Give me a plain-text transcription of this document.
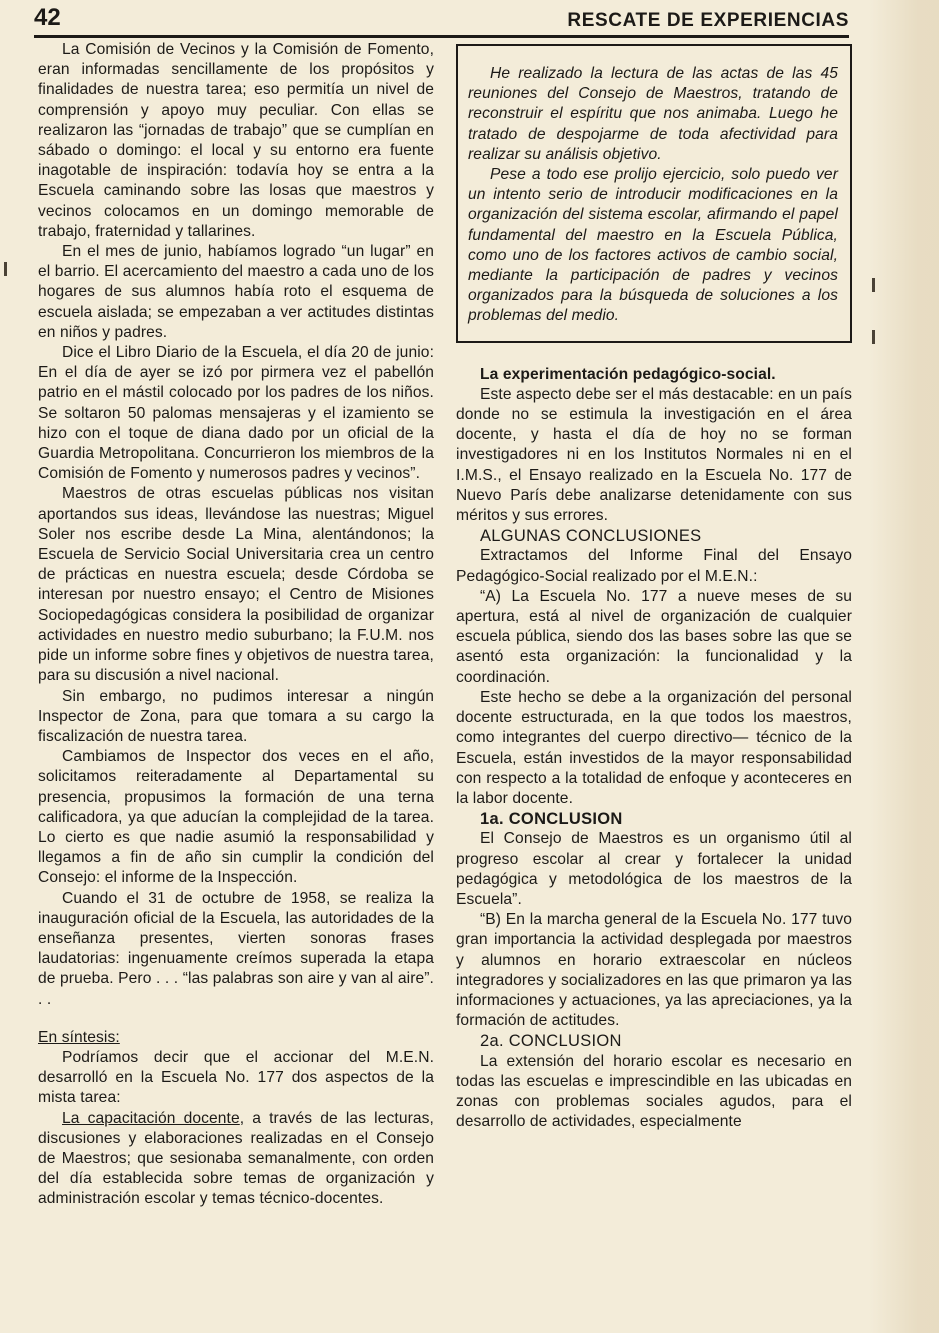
42	RESCATE DE EXPERIENCIAS

La Comisión de Vecinos y la Comisión de Fomento, eran informadas sencillamente de los propósitos y finalidades de nuestra tarea; eso permitía un nivel de comprensión y apoyo muy peculiar. Con ellas se realizaron las “jornadas de trabajo” que se cumplían en sábado o domingo: el local y su entorno era fuente inagotable de inspiración: todavía hoy se entra a la Escuela caminando sobre las losas que maestros y vecinos colocamos en un domingo memorable de trabajo, fraternidad y tallarines.

En el mes de junio, habíamos logrado “un lugar” en el barrio. El acercamiento del maestro a cada uno de los hogares de sus alumnos había roto el esquema de escuela aislada; se empezaban a ver actitudes distintas en niños y padres.

Dice el Libro Diario de la Escuela, el día 20 de junio: En el día de ayer se izó por pirmera vez el pabellón patrio en el mástil colocado por los padres de los niños. Se soltaron 50 palomas mensajeras y el izamiento se hizo con el toque de diana dado por un oficial de la Guardia Metropolitana. Concurrieron los miembros de la Comisión de Fomento y numerosos padres y vecinos”.

Maestros de otras escuelas públicas nos visitan aportandos sus ideas, llevándose las nuestras; Miguel Soler nos escribe desde La Mina, alentándonos; la Escuela de Servicio Social Universitaria crea un centro de prácticas en nuestra escuela; desde Córdoba se interesan por nuestro ensayo; el Centro de Misiones Sociopedagógicas considera la posibilidad de organizar actividades en nuestro medio suburbano; la F.U.M. nos pide un informe sobre fines y objetivos de nuestra tarea, para su discusión a nivel nacional.

Sin embargo, no pudimos interesar a ningún Inspector de Zona, para que tomara a su cargo la fiscalización de nuestra tarea.

Cambiamos de Inspector dos veces en el año, solicitamos reiteradamente al Departamental su presencia, propusimos la formación de una terna calificadora, ya que aducían la complejidad de la tarea. Lo cierto es que nadie asumió la responsabilidad y llegamos a fin de año sin cumplir la condición del Consejo: el informe de la Inspección.

Cuando el 31 de octubre de 1958, se realiza la inauguración oficial de la Escuela, las autoridades de la enseñanza presentes, vierten sonoras frases laudatorias: ingenuamente creímos superada la etapa de prueba. Pero . . . “las palabras son aire y van al aire”. . .

En síntesis:

Podríamos decir que el accionar del M.E.N. desarrolló en la Escuela No. 177 dos aspectos de la mista tarea:

La capacitación docente, a través de las lecturas, discusiones y elaboraciones realizadas en el Consejo de Maestros; que sesionaba semanalmente, con orden del día establecida sobre temas de organización y administración escolar y temas técnico-docentes.

He realizado la lectura de las actas de las 45 reuniones del Consejo de Maestros, tratando de reconstruir el espíritu que nos animaba. Luego he tratado de despojarme de toda afectividad para realizar su análisis objetivo.

Pese a todo ese prolijo ejercicio, solo puedo ver un intento serio de introducir modificaciones en la organización del sistema escolar, afirmando el papel fundamental del maestro en la Escuela Pública, como uno de los factores activos de cambio social, mediante la participación de padres y vecinos organizados para la búsqueda de soluciones a los problemas del medio.

La experimentación pedagógico-social.

Este aspecto debe ser el más destacable: en un país donde no se estimula la investigación en el área docente, y hasta el día de hoy no se forman investigadores ni en los Institutos Normales ni en el I.M.S., el Ensayo realizado en la Escuela No. 177 de Nuevo París debe analizarse detenidamente con sus méritos y sus errores.

ALGUNAS CONCLUSIONES

Extractamos del Informe Final del Ensayo Pedagógico-Social realizado por el M.E.N.:

“A) La Escuela No. 177 a nueve meses de su apertura, está al nivel de organización de cualquier escuela pública, siendo dos las bases sobre las que se asentó esta organización: la funcionalidad y la coordinación.

Este hecho se debe a la organización del personal docente estructurada, en la que todos los maestros, como integrantes del cuerpo directivo— técnico de la Escuela, están investidos de la mayor responsabilidad con respecto a la totalidad de enfoque y aconteceres en la labor docente.

1a. CONCLUSION

El Consejo de Maestros es un organismo útil al progreso escolar al crear y fortalecer la unidad pedagógica y metodológica de los maestros de la Escuela”.

“B) En la marcha general de la Escuela No. 177 tuvo gran importancia la actividad desplegada por maestros y alumnos en horario extraescolar en núcleos integradores y socializadores en las que primaron ya las informaciones y actuaciones, ya las apreciaciones, ya la formación de actitudes.

2a. CONCLUSION

La extensión del horario escolar es necesario en todas las escuelas e imprescindible en las ubicadas en zonas con problemas sociales agudos, para el desarrollo de actividades, especialmente
